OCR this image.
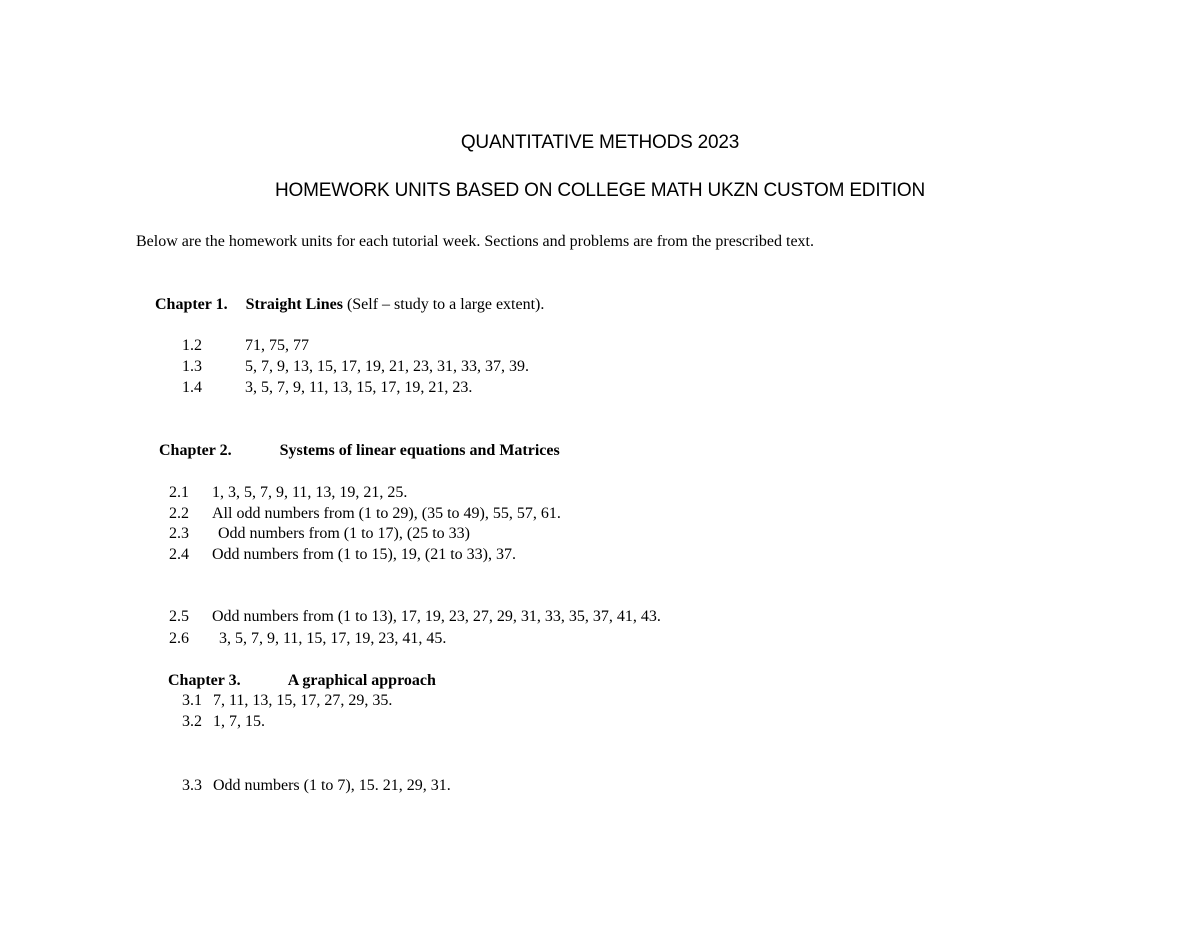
QUANTITATIVE METHODS 2023
HOMEWORK UNITS BASED ON COLLEGE MATH UKZN CUSTOM EDITION
Below are the homework units for each tutorial week. Sections and problems are from the prescribed text.
Chapter 1. Straight Lines (Self – study to a large extent).
1.2	71, 75, 77
1.3	5, 7, 9, 13, 15, 17, 19, 21, 23, 31, 33, 37, 39.
1.4	3, 5, 7, 9, 11, 13, 15, 17, 19, 21, 23.
Chapter 2.	Systems of linear equations and Matrices
2.1 1, 3, 5, 7, 9, 11, 13, 19, 21, 25.
2.2 All odd numbers from (1 to 29), (35 to 49), 55, 57, 61.
2.3 Odd numbers from (1 to 17), (25 to 33)
2.4 Odd numbers from (1 to 15), 19, (21 to 33), 37.
2.5 Odd numbers from (1 to 13), 17, 19, 23, 27, 29, 31, 33, 35, 37, 41, 43.
2.6 3, 5, 7, 9, 11, 15, 17, 19, 23, 41, 45.
Chapter 3.	A graphical approach
3.1 7, 11, 13, 15, 17, 27, 29, 35.
3.2 1, 7, 15.
3.3 Odd numbers (1 to 7), 15. 21, 29, 31.
